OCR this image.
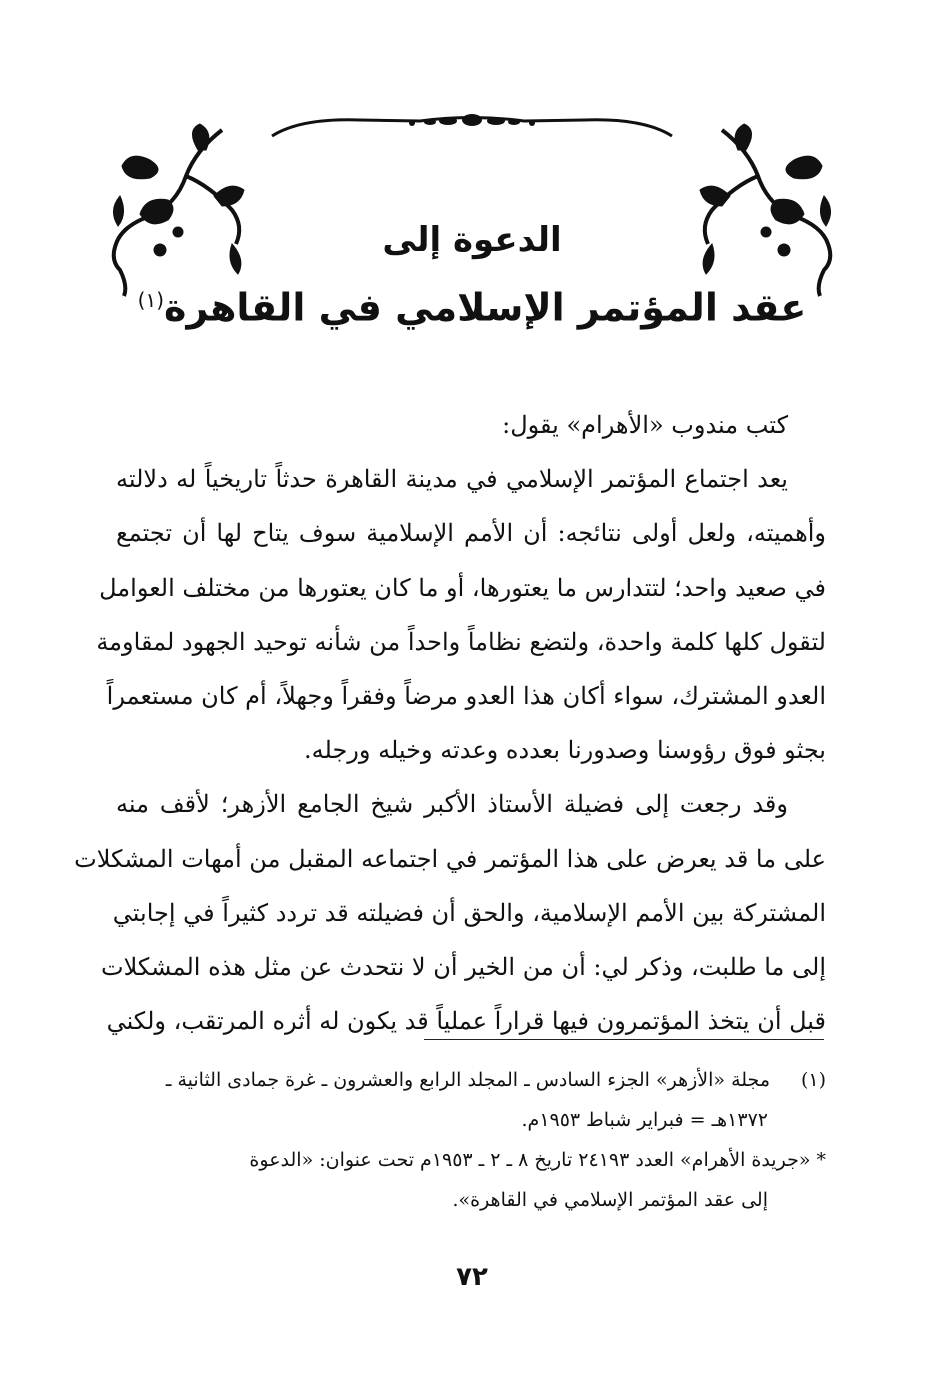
الدعوة إلى
عقد المؤتمر الإسلامي في القاهرة$^{(١)}$
كتب مندوب «الأهرام» يقول:
يعد اجتماع المؤتمر الإسلامي في مدينة القاهرة حدثاً تاريخياً له دلالته
وأهميته، ولعل أولى نتائجه: أن الأمم الإسلامية سوف يتاح لها أن تجتمع
في صعيد واحد؛ لتتدارس ما يعتورها، أو ما كان يعتورها من مختلف العوامل
لتقول كلها كلمة واحدة، ولتضع نظاماً واحداً من شأنه توحيد الجهود لمقاومة
العدو المشترك، سواء أكان هذا العدو مرضاً وفقراً وجهلاً، أم كان مستعمراً
بجثو فوق رؤوسنا وصدورنا بعدده وعدته وخيله ورجله.
وقد رجعت إلى فضيلة الأستاذ الأكبر شيخ الجامع الأزهر؛ لأقف منه
على ما قد يعرض على هذا المؤتمر في اجتماعه المقبل من أمهات المشكلات
المشتركة بين الأمم الإسلامية، والحق أن فضيلته قد تردد كثيراً في إجابتي
إلى ما طلبت، وذكر لي: أن من الخير أن لا نتحدث عن مثل هذه المشكلات
قبل أن يتخذ المؤتمرون فيها قراراً عملياً قد يكون له أثره المرتقب، ولكني
(١)مجلة «الأزهر» الجزء السادس ـ المجلد الرابع والعشرون ـ غرة جمادى الثانية ـ
١٣٧٢هـ = فبراير شباط ١٩٥٣م.
* «جريدة الأهرام» العدد ٢٤١٩٣ تاريخ ٨ ـ ٢ ـ ١٩٥٣م تحت عنوان: «الدعوة
إلى عقد المؤتمر الإسلامي في القاهرة».
٧٢
